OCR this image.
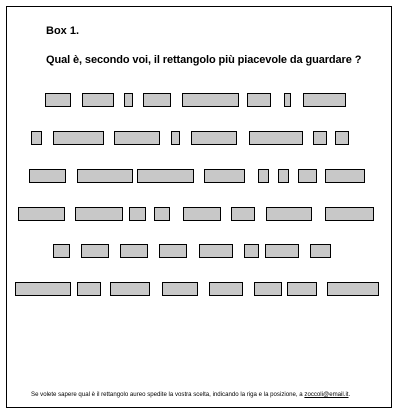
Box 1.
Qual è, secondo voi, il rettangolo più piacevole da guardare ?
Se volete sapere qual è il rettangolo aureo spedite la vostra scelta, indicando la riga e la posizione, a zoccoli@email.it.
